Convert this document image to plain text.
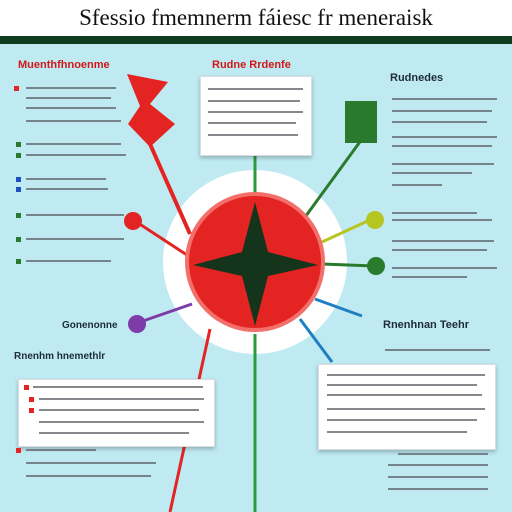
Sfessio fmemnerm fáiesc fr meneraisk
Muenthfhnoenme	Rudne Rrdenfe
Rudnedes
Gonenonne
Rnenhm hnemethlr
Rnenhnan Teehr
